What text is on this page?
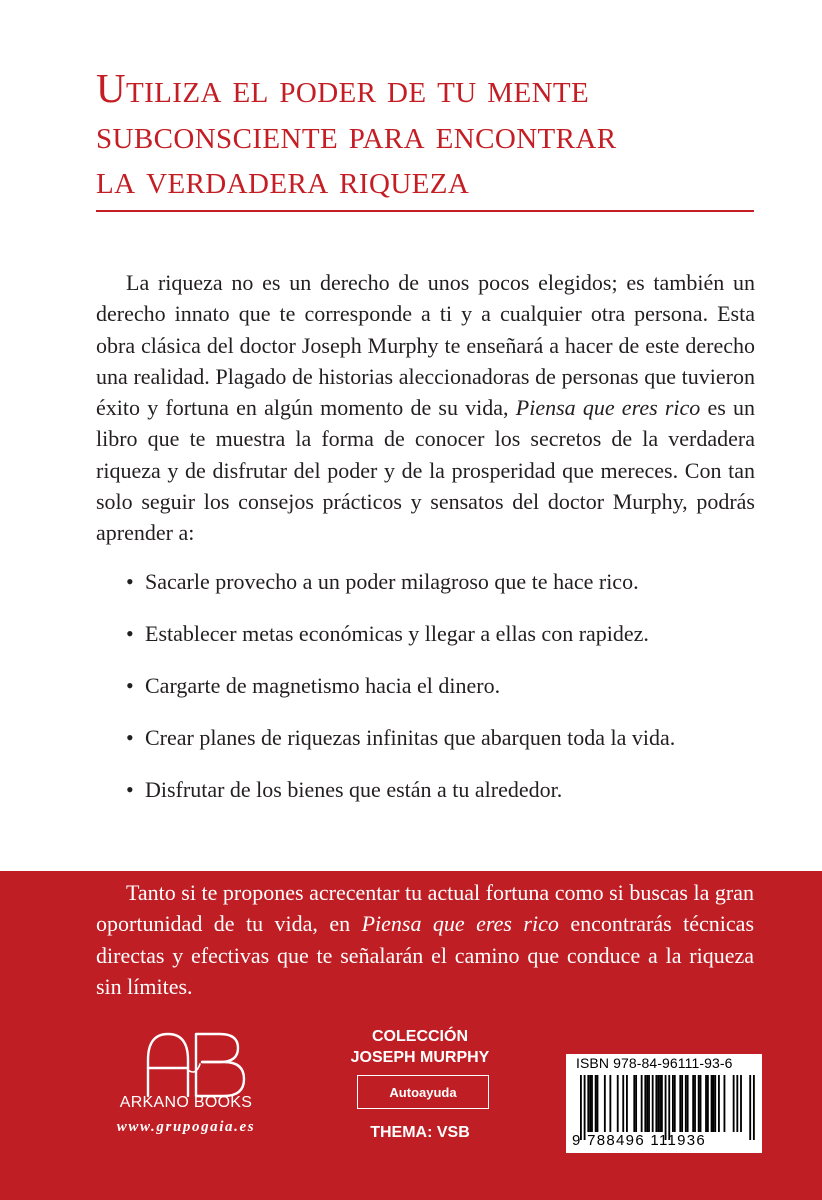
Utiliza el poder de tu mente
subconsciente para encontrar
la verdadera riqueza

La riqueza no es un derecho de unos pocos elegidos; es también un derecho innato que te corresponde a ti y a cualquier otra persona. Esta obra clásica del doctor Joseph Murphy te enseñará a hacer de este derecho una realidad. Plagado de historias aleccionadoras de personas que tuvieron éxito y fortuna en algún momento de su vida, Piensa que eres rico es un libro que te muestra la forma de conocer los secretos de la verdadera riqueza y de disfrutar del poder y de la prosperidad que mereces. Con tan solo seguir los consejos prácticos y sensatos del doctor Murphy, podrás aprender a:

• Sacarle provecho a un poder milagroso que te hace rico.
• Establecer metas económicas y llegar a ellas con rapidez.
• Cargarte de magnetismo hacia el dinero.
• Crear planes de riquezas infinitas que abarquen toda la vida.
• Disfrutar de los bienes que están a tu alrededor.

Tanto si te propones acrecentar tu actual fortuna como si buscas la gran oportunidad de tu vida, en Piensa que eres rico encontrarás técnicas directas y efectivas que te señalarán el camino que conduce a la riqueza sin límites.

ARKANO BOOKS
www.grupogaia.es
COLECCIÓN
JOSEPH MURPHY
Autoayuda
THEMA: VSB
ISBN 978-84-96111-93-6
9 788496 111936
